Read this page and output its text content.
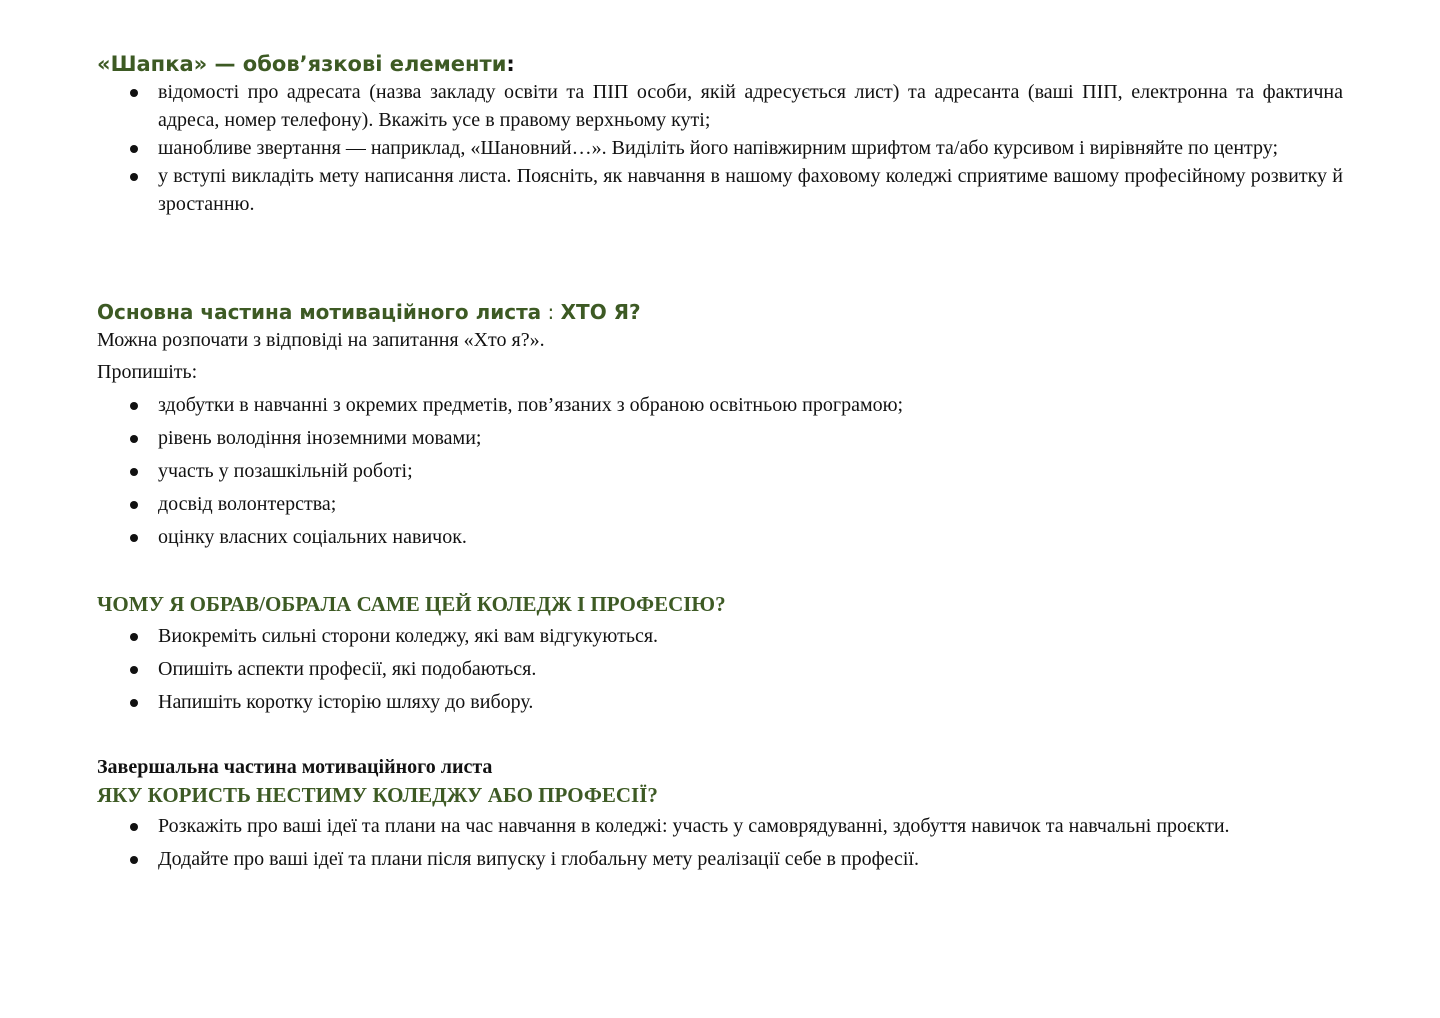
«Шапка» — обов’язкові елементи:

відомості про адресата (назва закладу освіти та ПІП особи, якій адресується лист) та адресанта (ваші ПІП, електронна та фактична адреса, номер телефону). Вкажіть усе в правому верхньому куті;
шанобливе звертання — наприклад, «Шановний…». Виділіть його напівжирним шрифтом та/або курсивом і вирівняйте по центру;
у вступі викладіть мету написання листа. Поясніть, як навчання в нашому фаховому коледжі сприятиме вашому професійному розвитку й зростанню.

Основна частина мотиваційного листа : ХТО Я?

Можна розпочати з відповіді на запитання «Хто я?».

Пропишіть:

здобутки в навчанні з окремих предметів, пов’язаних з обраною освітньою програмою;
рівень володіння іноземними мовами;
участь у позашкільній роботі;
досвід волонтерства;
оцінку власних соціальних навичок.

ЧОМУ Я ОБРАВ/ОБРАЛА САМЕ ЦЕЙ КОЛЕДЖ І ПРОФЕСІЮ?

Виокреміть сильні сторони коледжу, які вам відгукуються.
Опишіть аспекти професії, які подобаються.
Напишіть коротку історію шляху до вибору.

Завершальна частина мотиваційного листа

ЯКУ КОРИСТЬ НЕСТИМУ КОЛЕДЖУ АБО ПРОФЕСІЇ?

Розкажіть про ваші ідеї та плани на час навчання в коледжі: участь у самоврядуванні, здобуття навичок та навчальні проєкти.
Додайте про ваші ідеї та плани після випуску і глобальну мету реалізації себе в професії.
